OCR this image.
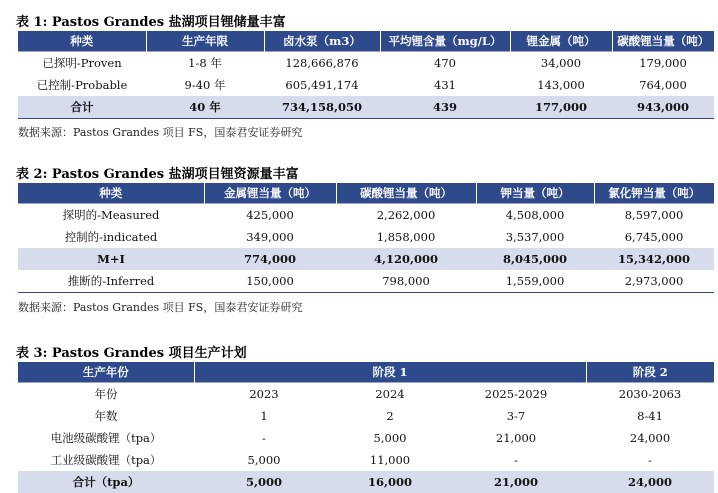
表 1: Pastos Grandes 盐湖项目锂储量丰富
种类	生产年限	卤水泵（m3）	平均锂含量（mg/L）	锂金属（吨）	碳酸锂当量（吨）
已探明-Proven	1-8 年	128,666,876	470	34,000	179,000
已控制-Probable	9-40 年	605,491,174	431	143,000	764,000
合计	40 年	734,158,050	439	177,000	943,000
数据来源：Pastos Grandes 项目 FS，国泰君安证券研究
表 2: Pastos Grandes 盐湖项目锂资源量丰富
种类	金属锂当量（吨）	碳酸锂当量（吨）	钾当量（吨）	氯化钾当量（吨）
探明的-Measured	425,000	2,262,000	4,508,000	8,597,000
控制的-indicated	349,000	1,858,000	3,537,000	6,745,000
M+I	774,000	4,120,000	8,045,000	15,342,000
推断的-Inferred	150,000	798,000	1,559,000	2,973,000
数据来源：Pastos Grandes 项目 FS，国泰君安证券研究
表 3: Pastos Grandes 项目生产计划
生产年份	阶段 1			阶段 2
年份	2023	2024	2025-2029	2030-2063
年数	1	2	3-7	8-41
电池级碳酸锂（tpa）	-	5,000	21,000	24,000
工业级碳酸锂（tpa）	5,000	11,000	-	-
合计（tpa）	5,000	16,000	21,000	24,000
